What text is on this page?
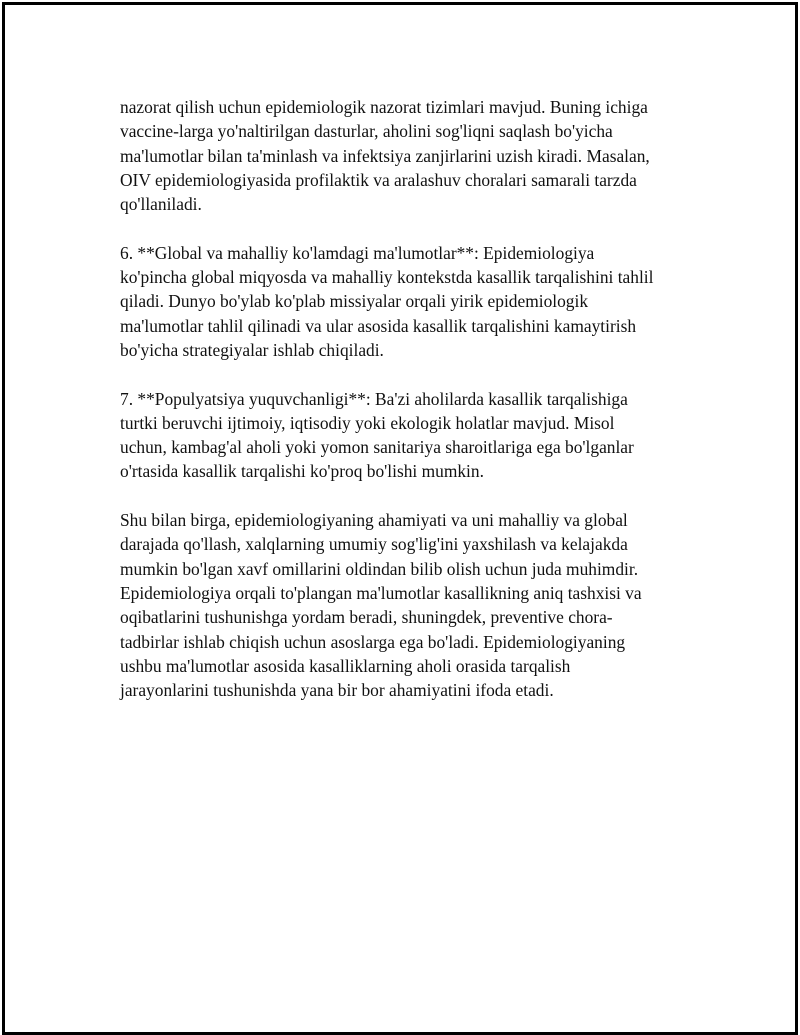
nazorat qilish uchun epidemiologik nazorat tizimlari mavjud. Buning ichiga
vaccine-larga yo'naltirilgan dasturlar, aholini sog'liqni saqlash bo'yicha
ma'lumotlar bilan ta'minlash va infektsiya zanjirlarini uzish kiradi. Masalan,
OIV epidemiologiyasida profilaktik va aralashuv choralari samarali tarzda
qo'llaniladi.

6. **Global va mahalliy ko'lamdagi ma'lumotlar**: Epidemiologiya
ko'pincha global miqyosda va mahalliy kontekstda kasallik tarqalishini tahlil
qiladi. Dunyo bo'ylab ko'plab missiyalar orqali yirik epidemiologik
ma'lumotlar tahlil qilinadi va ular asosida kasallik tarqalishini kamaytirish
bo'yicha strategiyalar ishlab chiqiladi.

7. **Populyatsiya yuquvchanligi**: Ba'zi aholilarda kasallik tarqalishiga
turtki beruvchi ijtimoiy, iqtisodiy yoki ekologik holatlar mavjud. Misol
uchun, kambag'al aholi yoki yomon sanitariya sharoitlariga ega bo'lganlar
o'rtasida kasallik tarqalishi ko'proq bo'lishi mumkin.

Shu bilan birga, epidemiologiyaning ahamiyati va uni mahalliy va global
darajada qo'llash, xalqlarning umumiy sog'lig'ini yaxshilash va kelajakda
mumkin bo'lgan xavf omillarini oldindan bilib olish uchun juda muhimdir.
Epidemiologiya orqali to'plangan ma'lumotlar kasallikning aniq tashxisi va
oqibatlarini tushunishga yordam beradi, shuningdek, preventive chora-
tadbirlar ishlab chiqish uchun asoslarga ega bo'ladi. Epidemiologiyaning
ushbu ma'lumotlar asosida kasalliklarning aholi orasida tarqalish
jarayonlarini tushunishda yana bir bor ahamiyatini ifoda etadi.
